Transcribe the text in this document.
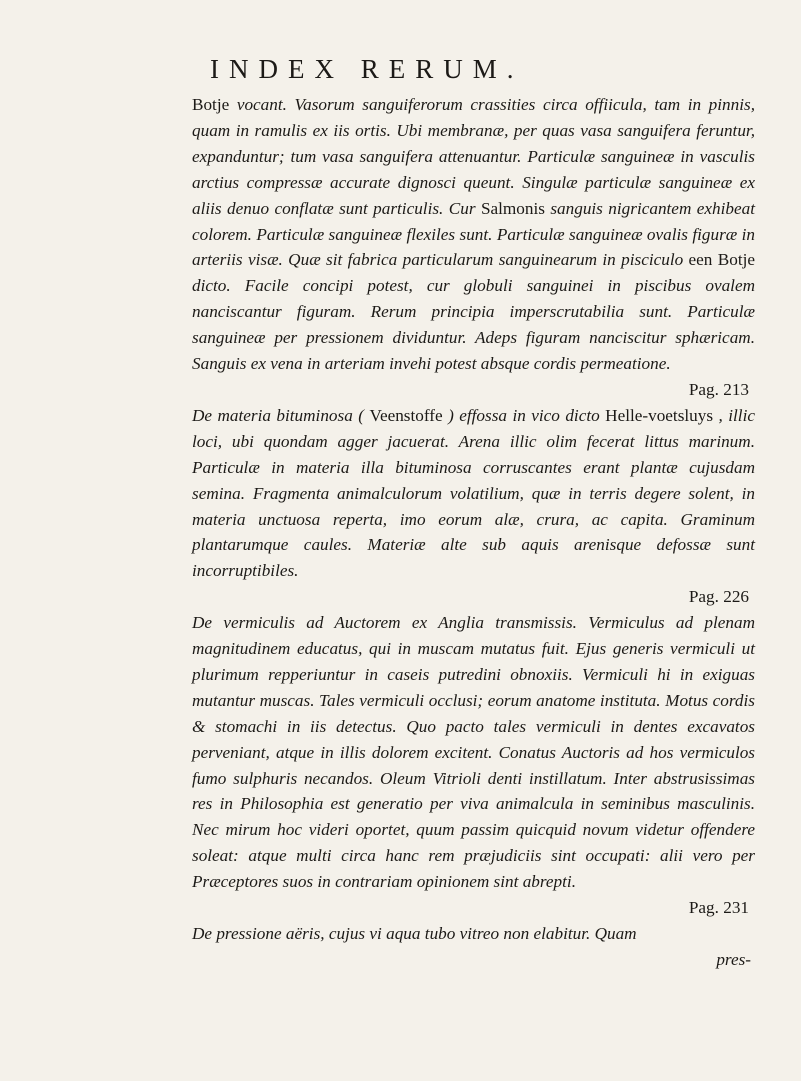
INDEX RERUM.

Botje vocant. Vasorum sanguiferorum crassities circa offiicula, tam in pinnis, quam in ramulis ex iis ortis. Ubi membranæ, per quas vasa sanguifera feruntur, expanduntur; tum vasa sanguifera attenuantur. Particulæ sanguineæ in vasculis arctius compressæ accurate dignosci queunt. Singulæ particulæ sanguineæ ex aliis denuo conflatæ sunt particulis. Cur Salmonis sanguis nigricantem exhibeat colorem. Particulæ sanguineæ flexiles sunt. Particulæ sanguineæ ovalis figuræ in arteriis visæ. Quæ sit fabrica particularum sanguinearum in pisciculo een Botje dicto. Facile concipi potest, cur globuli sanguinei in piscibus ovalem nanciscantur figuram. Rerum principia imperscrutabilia sunt. Particulæ sanguineæ per pressionem dividuntur. Adeps figuram nanciscitur sphæricam. Sanguis ex vena in arteriam invehi potest absque cordis permeatione.
Pag. 213

De materia bituminosa ( Veenstoffe ) effossa in vico dicto Helle-voetsluys , illic loci, ubi quondam agger jacuerat. Arena illic olim fecerat littus marinum. Particulæ in materia illa bituminosa corruscantes erant plantæ cujusdam semina. Fragmenta animalculorum volatilium, quæ in terris degere solent, in materia unctuosa reperta, imo eorum alæ, crura, ac capita. Graminum plantarumque caules. Materiæ alte sub aquis arenisque defossæ sunt incorruptibiles.
Pag. 226

De vermiculis ad Auctorem ex Anglia transmissis. Vermiculus ad plenam magnitudinem educatus, qui in muscam mutatus fuit. Ejus generis vermiculi ut plurimum repperiuntur in caseis putredini obnoxiis. Vermiculi hi in exiguas mutantur muscas. Tales vermiculi occlusi; eorum anatome instituta. Motus cordis & stomachi in iis detectus. Quo pacto tales vermiculi in dentes excavatos perveniant, atque in illis dolorem excitent. Conatus Auctoris ad hos vermiculos fumo sulphuris necandos. Oleum Vitrioli denti instillatum. Inter abstrusissimas res in Philosophia est generatio per viva animalcula in seminibus masculinis. Nec mirum hoc videri oportet, quum passim quicquid novum videtur offendere soleat: atque multi circa hanc rem præjudiciis sint occupati: alii vero per Præceptores suos in contrariam opinionem sint abrepti.
Pag. 231

De pressione aëris, cujus vi aqua tubo vitreo non elabitur. Quam
pres-
